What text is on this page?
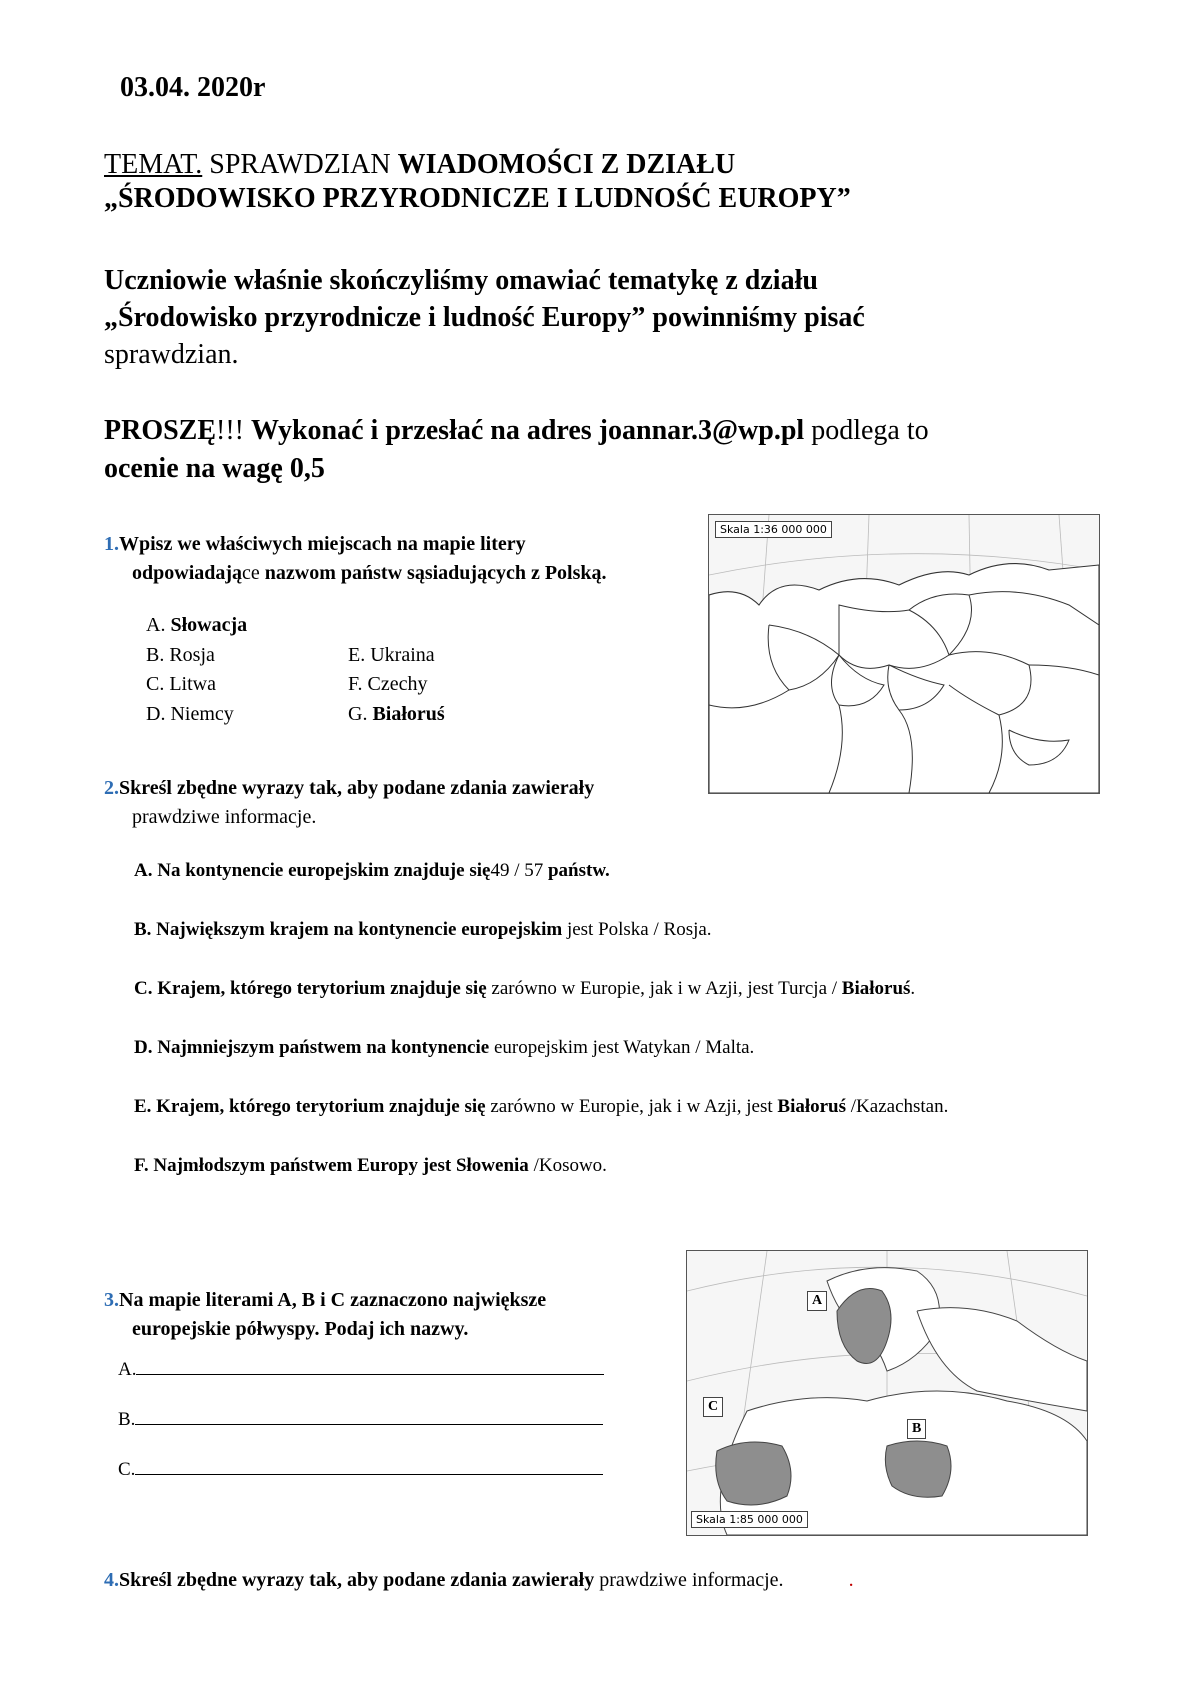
03.04. 2020r
TEMAT. SPRAWDZIAN WIADOMOŚCI Z DZIAŁU
„ŚRODOWISKO PRZYRODNICZE I LUDNOŚĆ EUROPY”
Uczniowie właśnie skończyliśmy omawiać tematykę z działu
„Środowisko przyrodnicze i ludność Europy” powinniśmy pisać
sprawdzian.
PROSZĘ!!! Wykonać i przesłać na adres joannar.3@wp.pl podlega to
ocenie na wagę 0,5
1.Wpisz we właściwych miejscach na mapie litery
odpowiadające nazwom państw sąsiadujących z Polską.
A. Słowacja
B. Rosja
C. Litwa
D. Niemcy
E. Ukraina
F. Czechy
G. Białoruś
Skala 1:36 000 000
2.Skreśl zbędne wyrazy tak, aby podane zdania zawierały
prawdziwe informacje.
A. Na kontynencie europejskim znajduje się49 / 57 państw.
B. Największym krajem na kontynencie europejskim jest Polska / Rosja.
C. Krajem, którego terytorium znajduje się zarówno w Europie, jak i w Azji, jest Turcja / Białoruś.
D. Najmniejszym państwem na kontynencie europejskim jest Watykan / Malta.
E. Krajem, którego terytorium znajduje się zarówno w Europie, jak i w Azji, jest Białoruś /Kazachstan.
F. Najmłodszym państwem Europy jest Słowenia /Kosowo.
3.Na mapie literami A, B i C zaznaczono największe
europejskie półwyspy. Podaj ich nazwy.
A.
B.
C.
A
B
C
Skala 1:85 000 000
4.Skreśl zbędne wyrazy tak, aby podane zdania zawierały prawdziwe informacje.	.
